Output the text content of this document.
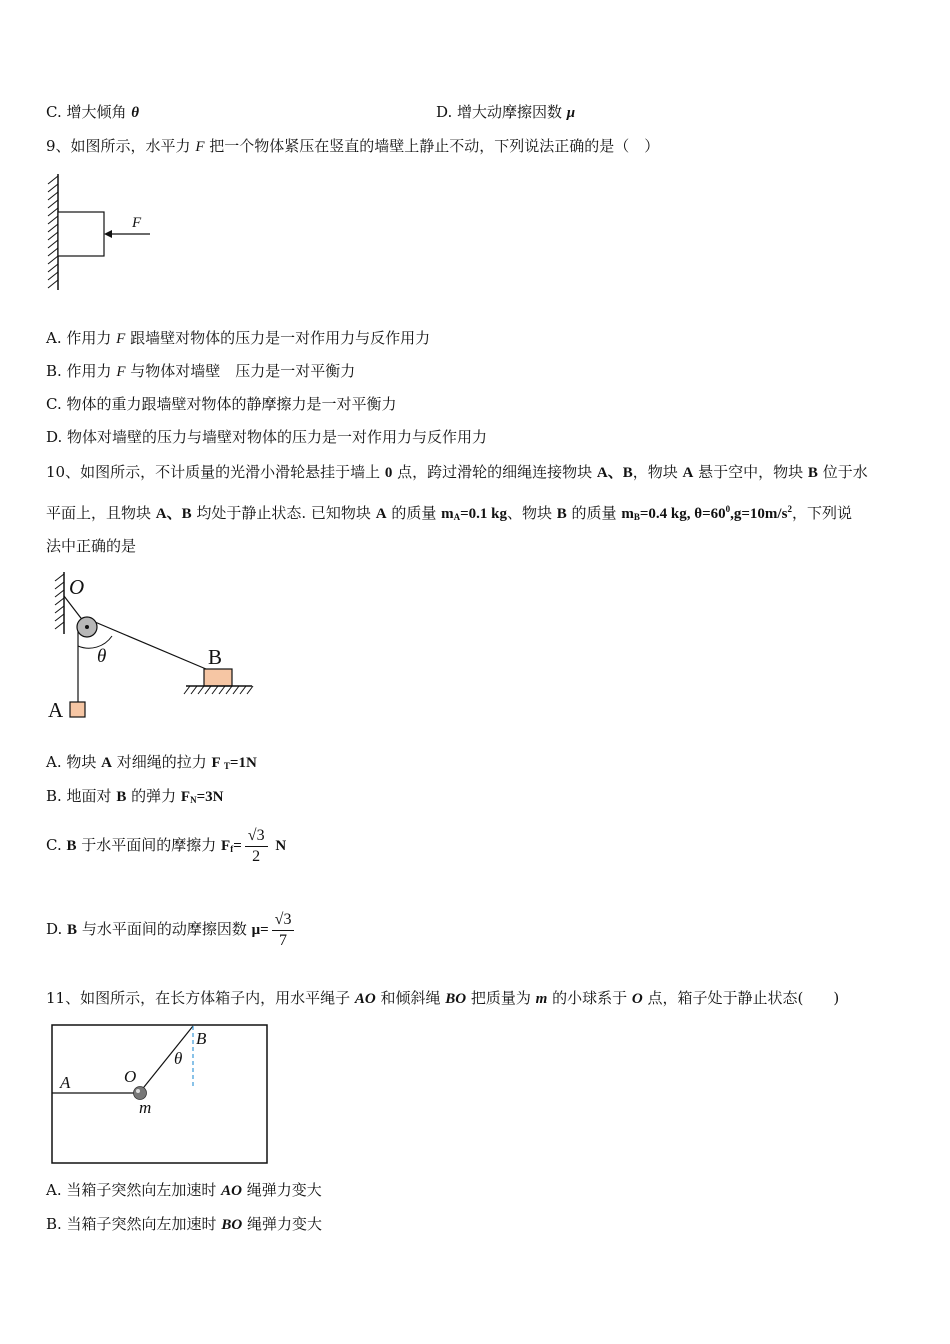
C. 增大倾角 θ	D. 增大动摩擦因数 μ
9、如图所示，水平力 F 把一个物体紧压在竖直的墙壁上静止不动，下列说法正确的是（　）
F
A. 作用力 F 跟墙壁对物体的压力是一对作用力与反作用力
B. 作用力 F 与物体对墙壁　压力是一对平衡力
C. 物体的重力跟墙壁对物体的静摩擦力是一对平衡力
D. 物体对墙壁的压力与墙壁对物体的压力是一对作用力与反作用力
10、如图所示，不计质量的光滑小滑轮悬挂于墙上 0 点，跨过滑轮的细绳连接物块 A、B，物块 A 悬于空中，物块 B 位于水
平面上，且物块 A、B 均处于静止状态. 已知物块 A 的质量 $m_A=0.1$ kg、物块 B 的质量 $m_B=0.4$ kg, $\theta=60^0,g=10m/s^2$，下列说
法中正确的是
O
θ	B
A
A. 物块 A 对细绳的拉力 F $_T$=1N
B. 地面对 B 的弹力 $F_N=3N$
C. B 于水平面间的摩擦力 $F_f= \frac{√3}{2}$ N
D. B 与水平面间的动摩擦因数 $\mu= \frac{√3}{7}$
11、如图所示，在长方体箱子内，用水平绳子 AO 和倾斜绳 BO 把质量为 m 的小球系于 O 点，箱子处于静止状态(　　)
A	O
B
θ
m
A. 当箱子突然向左加速时 AO 绳弹力变大
B. 当箱子突然向左加速时 BO 绳弹力变大
